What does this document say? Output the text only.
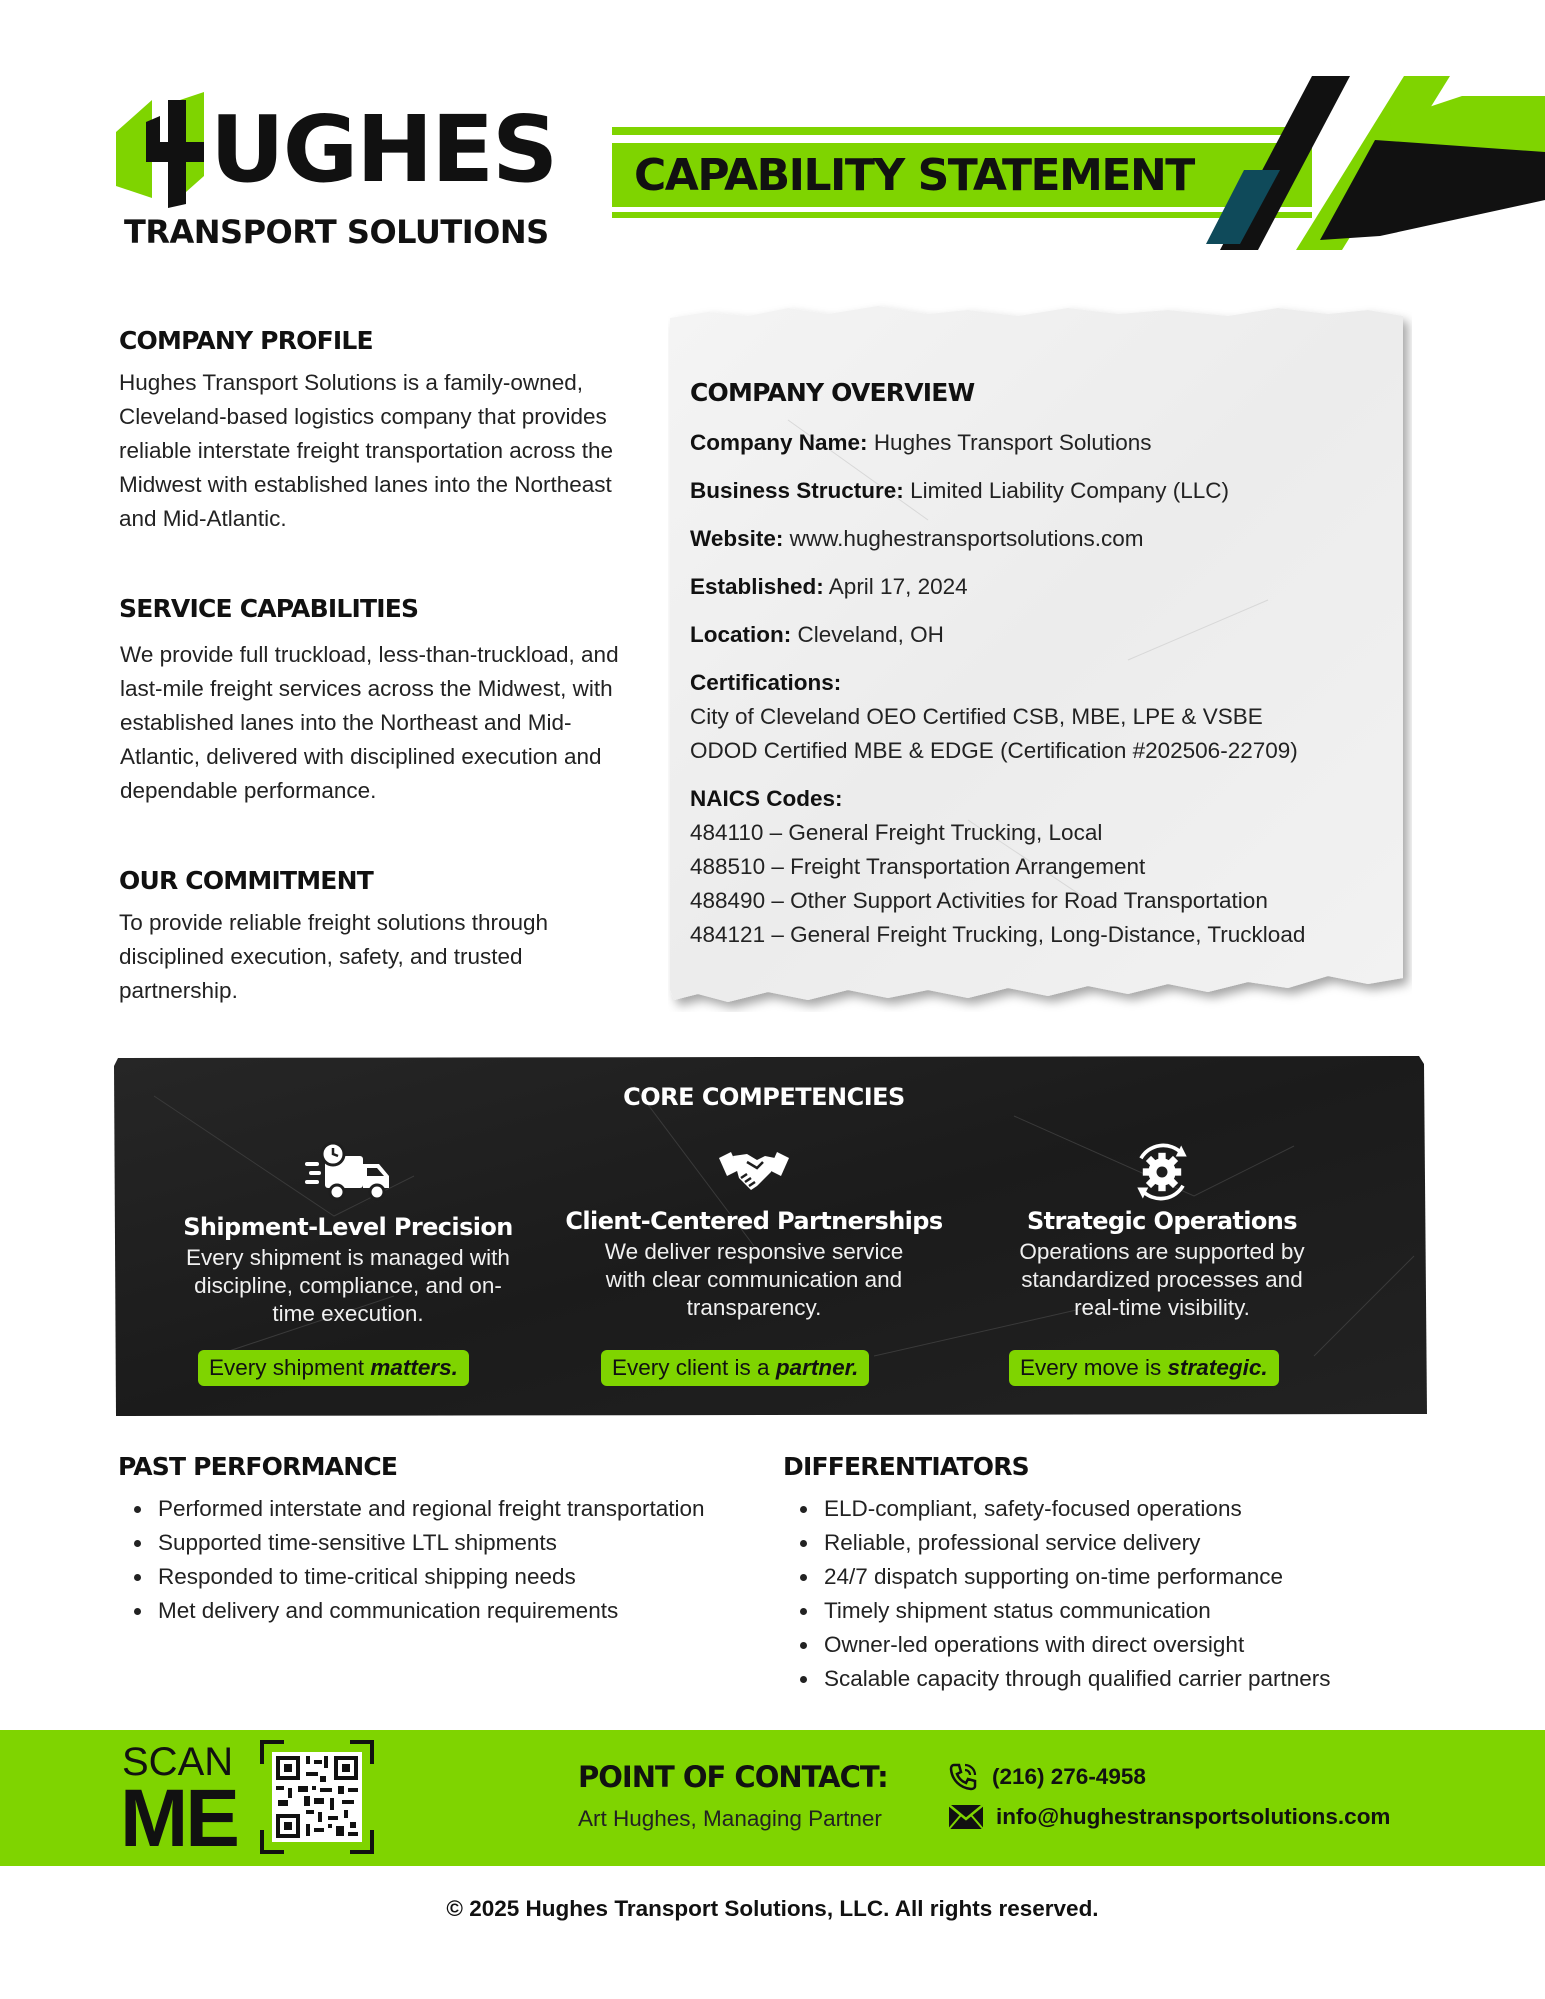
UGHES
TRANSPORT SOLUTIONS
CAPABILITY STATEMENT
COMPANY PROFILE
Hughes Transport Solutions is a family-owned, Cleveland-based logistics company that provides reliable interstate freight transportation across the Midwest with established lanes into the Northeast and Mid-Atlantic.
SERVICE CAPABILITIES
We provide full truckload, less-than-truckload, and last-mile freight services across the Midwest, with established lanes into the Northeast and Mid-Atlantic, delivered with disciplined execution and dependable performance.
OUR COMMITMENT
To provide reliable freight solutions through disciplined execution, safety, and trusted partnership.
COMPANY OVERVIEW
Company Name: Hughes Transport Solutions
Business Structure: Limited Liability Company (LLC)
Website: www.hughestransportsolutions.com
Established: April 17, 2024
Location: Cleveland, OH
Certifications:
City of Cleveland OEO Certified CSB, MBE, LPE & VSBE
ODOD Certified MBE & EDGE (Certification #202506-22709)
NAICS Codes:
484110 – General Freight Trucking, Local
488510 – Freight Transportation Arrangement
488490 – Other Support Activities for Road Transportation
484121 – General Freight Trucking, Long-Distance, Truckload
CORE COMPETENCIES
Shipment-Level Precision
Every shipment is managed with discipline, compliance, and on-time execution.
Client-Centered Partnerships
We deliver responsive service with clear communication and transparency.
Strategic Operations
Operations are supported by standardized processes and real-time visibility.
Every shipment matters.	Every client is a partner.	Every move is strategic.
PAST PERFORMANCE
Performed interstate and regional freight transportation
Supported time-sensitive LTL shipments
Responded to time-critical shipping needs
Met delivery and communication requirements
DIFFERENTIATORS
ELD-compliant, safety-focused operations
Reliable, professional service delivery
24/7 dispatch supporting on-time performance
Timely shipment status communication
Owner-led operations with direct oversight
Scalable capacity through qualified carrier partners
SCAN
ME	POINT OF CONTACT:
Art Hughes, Managing Partner
(216) 276-4958
info@hughestransportsolutions.com
© 2025 Hughes Transport Solutions, LLC. All rights reserved.
